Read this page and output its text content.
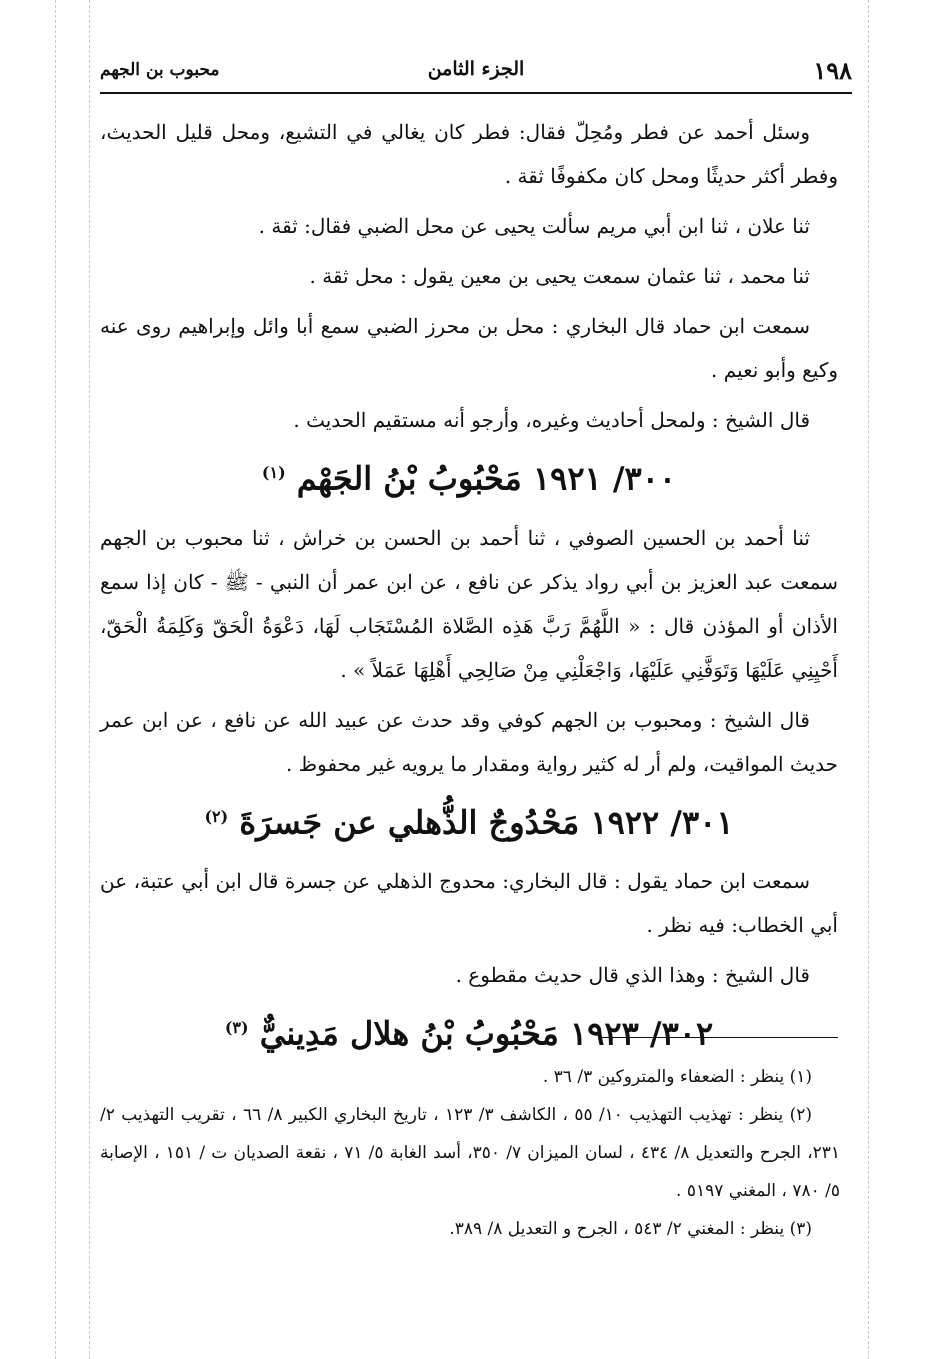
١٩٨
الجزء الثامن
محبوب بن الجهم

وسئل أحمد عن فطر ومُحِلّ فقال: فطر كان يغالي في التشيع، ومحل قليل الحديث، وفطر أكثر حديثًا ومحل كان مكفوفًا ثقة .

ثنا علان ، ثنا ابن أبي مريم سألت يحيى عن محل الضبي فقال: ثقة .

ثنا محمد ، ثنا عثمان سمعت يحيى بن معين يقول : محل ثقة .

سمعت ابن حماد قال البخاري : محل بن محرز الضبي سمع أبا وائل وإبراهيم روى عنه وكيع وأبو نعيم .

قال الشيخ : ولمحل أحاديث وغيره، وأرجو أنه مستقيم الحديث .

٣٠٠/ ١٩٢١ مَحْبُوبُ بْنُ الجَهْم $^{(١)}$

ثنا أحمد بن الحسين الصوفي ، ثنا أحمد بن الحسن بن خراش ، ثنا محبوب بن الجهم سمعت عبد العزيز بن أبي رواد يذكر عن نافع ، عن ابن عمر أن النبي - ﷺ - كان إذا سمع الأذان أو المؤذن قال : « اللَّهُمَّ رَبَّ هَذِه الصَّلاة المُسْتَجَاب لَهَا، دَعْوَةُ الْحَقّ وَكَلِمَةُ الْحَقّ، أَحْيِنِي عَلَيْهَا وَتَوَفَّنِي عَلَيْهَا، وَاجْعَلْنِي مِنْ صَالِحِي أَهْلِهَا عَمَلاً » .

قال الشيخ : ومحبوب بن الجهم كوفي وقد حدث عن عبيد الله عن نافع ، عن ابن عمر حديث المواقيت، ولم أر له كثير رواية ومقدار ما يرويه غير محفوظ .

٣٠١/ ١٩٢٢ مَحْدُوجٌ الذُّهلي عن جَسرَةَ $^{(٢)}$

سمعت ابن حماد يقول : قال البخاري: محدوج الذهلي عن جسرة قال ابن أبي عتبة، عن أبي الخطاب: فيه نظر .

قال الشيخ : وهذا الذي قال حديث مقطوع .

٣٠٢/ ١٩٢٣ مَحْبُوبُ بْنُ هلال مَدِينيٌّ $^{(٣)}$

(١) ينظر : الضعفاء والمتروكين ٣/ ٣٦ .

(٢) ينظر : تهذيب التهذيب ١٠/ ٥٥ ، الكاشف ٣/ ١٢٣ ، تاريخ البخاري الكبير ٨/ ٦٦ ، تقريب التهذيب ٢/ ٢٣١، الجرح والتعديل ٨/ ٤٣٤ ، لسان الميزان ٧/ ٣٥٠، أسد الغابة ٥/ ٧١ ، نقعة الصديان ت / ١٥١ ، الإصابة ٥/ ٧٨٠ ، المغني ٥١٩٧ .

(٣) ينظر : المغني ٢/ ٥٤٣ ، الجرح و التعديل ٨/ ٣٨٩.
